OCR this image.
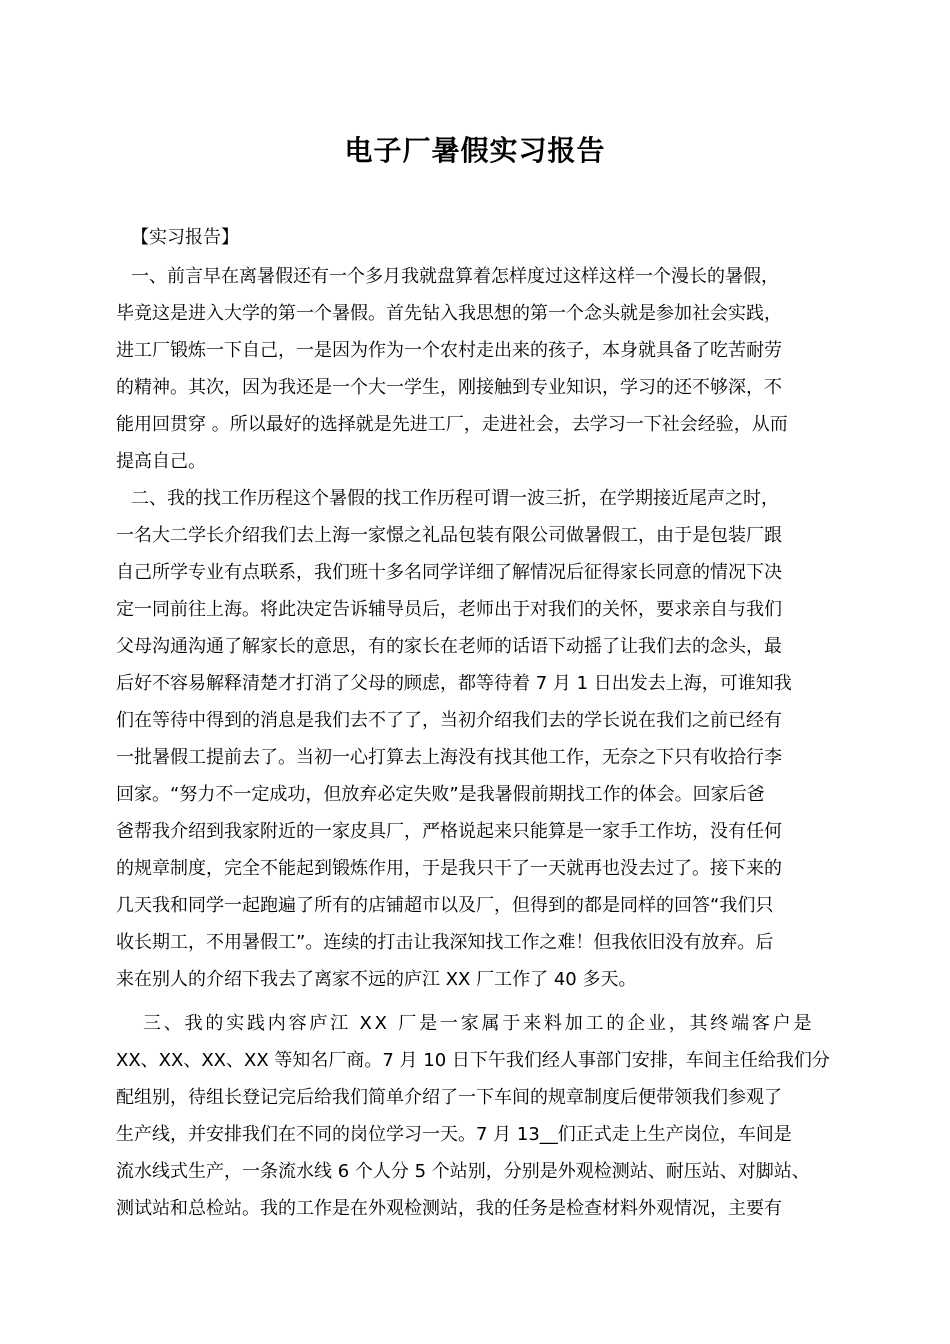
电子厂暑假实习报告
【实习报告】
一、前言早在离暑假还有一个多月我就盘算着怎样度过这样这样一个漫长的暑假，
毕竟这是进入大学的第一个暑假。首先钻入我思想的第一个念头就是参加社会实践，
进工厂锻炼一下自己，一是因为作为一个农村走出来的孩子，本身就具备了吃苦耐劳
的精神。其次，因为我还是一个大一学生，刚接触到专业知识，学习的还不够深，不
能用回贯穿 。所以最好的选择就是先进工厂，走进社会，去学习一下社会经验，从而
提高自己。
二、我的找工作历程这个暑假的找工作历程可谓一波三折，在学期接近尾声之时，
一名大二学长介绍我们去上海一家憬之礼品包装有限公司做暑假工，由于是包装厂跟
自己所学专业有点联系，我们班十多名同学详细了解情况后征得家长同意的情况下决
定一同前往上海。将此决定告诉辅导员后，老师出于对我们的关怀，要求亲自与我们
父母沟通沟通了解家长的意思，有的家长在老师的话语下动摇了让我们去的念头，最
后好不容易解释清楚才打消了父母的顾虑，都等待着 7 月 1 日出发去上海，可谁知我
们在等待中得到的消息是我们去不了了，当初介绍我们去的学长说在我们之前已经有
一批暑假工提前去了。当初一心打算去上海没有找其他工作，无奈之下只有收拾行李
回家。“努力不一定成功，但放弃必定失败”是我暑假前期找工作的体会。回家后爸
爸帮我介绍到我家附近的一家皮具厂，严格说起来只能算是一家手工作坊，没有任何
的规章制度，完全不能起到锻炼作用，于是我只干了一天就再也没去过了。接下来的
几天我和同学一起跑遍了所有的店铺超市以及厂，但得到的都是同样的回答“我们只
收长期工，不用暑假工”。连续的打击让我深知找工作之难！但我依旧没有放弃。后
来在别人的介绍下我去了离家不远的庐江 XX 厂工作了 40 多天。
三、我的实践内容庐江 XX 厂是一家属于来料加工的企业，其终端客户是
XX、XX、XX、XX 等知名厂商。7 月 10 日下午我们经人事部门安排，车间主任给我们分
配组别，待组长登记完后给我们简单介绍了一下车间的规章制度后便带领我们参观了
生产线，并安排我们在不同的岗位学习一天。7 月 13__们正式走上生产岗位，车间是
流水线式生产，一条流水线 6 个人分 5 个站别，分别是外观检测站、耐压站、对脚站、
测试站和总检站。我的工作是在外观检测站，我的任务是检查材料外观情况，主要有
